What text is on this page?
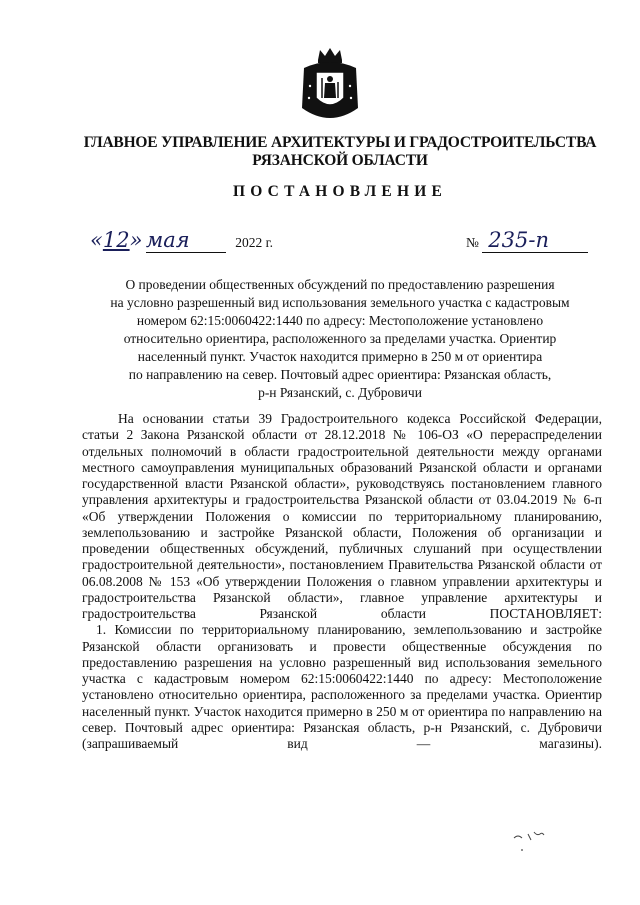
ГЛАВНОЕ УПРАВЛЕНИЕ АРХИТЕКТУРЫ И ГРАДОСТРОИТЕЛЬСТВА
РЯЗАНСКОЙ ОБЛАСТИ
ПОСТАНОВЛЕНИЕ
«12» мая	2022 г.	№ 235-п

О проведении общественных обсуждений по предоставлению разрешения
на условно разрешенный вид использования земельного участка с кадастровым
номером 62:15:0060422:1440 по адресу: Местоположение установлено
относительно ориентира, расположенного за пределами участка. Ориентир
населенный пункт. Участок находится примерно в 250 м от ориентира
по направлению на север. Почтовый адрес ориентира: Рязанская область,
р-н Рязанский, с. Дубровичи

На основании статьи 39 Градостроительного кодекса Российской Федерации, статьи 2 Закона Рязанской области от 28.12.2018 № 106-ОЗ «О перераспределении отдельных полномочий в области градостроительной деятельности между органами местного самоуправления муниципальных образований Рязанской области и органами государственной власти Рязанской области», руководствуясь постановлением главного управления архитектуры и градостроительства Рязанской области от 03.04.2019 № 6-п «Об утверждении Положения о комиссии по территориальному планированию, землепользованию и застройке Рязанской области, Положения об организации и проведении общественных обсуждений, публичных слушаний при осуществлении градостроительной деятельности», постановлением Правительства Рязанской области от 06.08.2008 № 153 «Об утверждении Положения о главном управлении архитектуры и градостроительства Рязанской области», главное управление архитектуры и градостроительства Рязанской области ПОСТАНОВЛЯЕТ:

1. Комиссии по территориальному планированию, землепользованию и застройке Рязанской области организовать и провести общественные обсуждения по предоставлению разрешения на условно разрешенный вид использования земельного участка с кадастровым номером 62:15:0060422:1440 по адресу: Местоположение установлено относительно ориентира, расположенного за пределами участка. Ориентир населенный пункт. Участок находится примерно в 250 м от ориентира по направлению на север. Почтовый адрес ориентира: Рязанская область, р-н Рязанский, с. Дубровичи (запрашиваемый вид — магазины).
